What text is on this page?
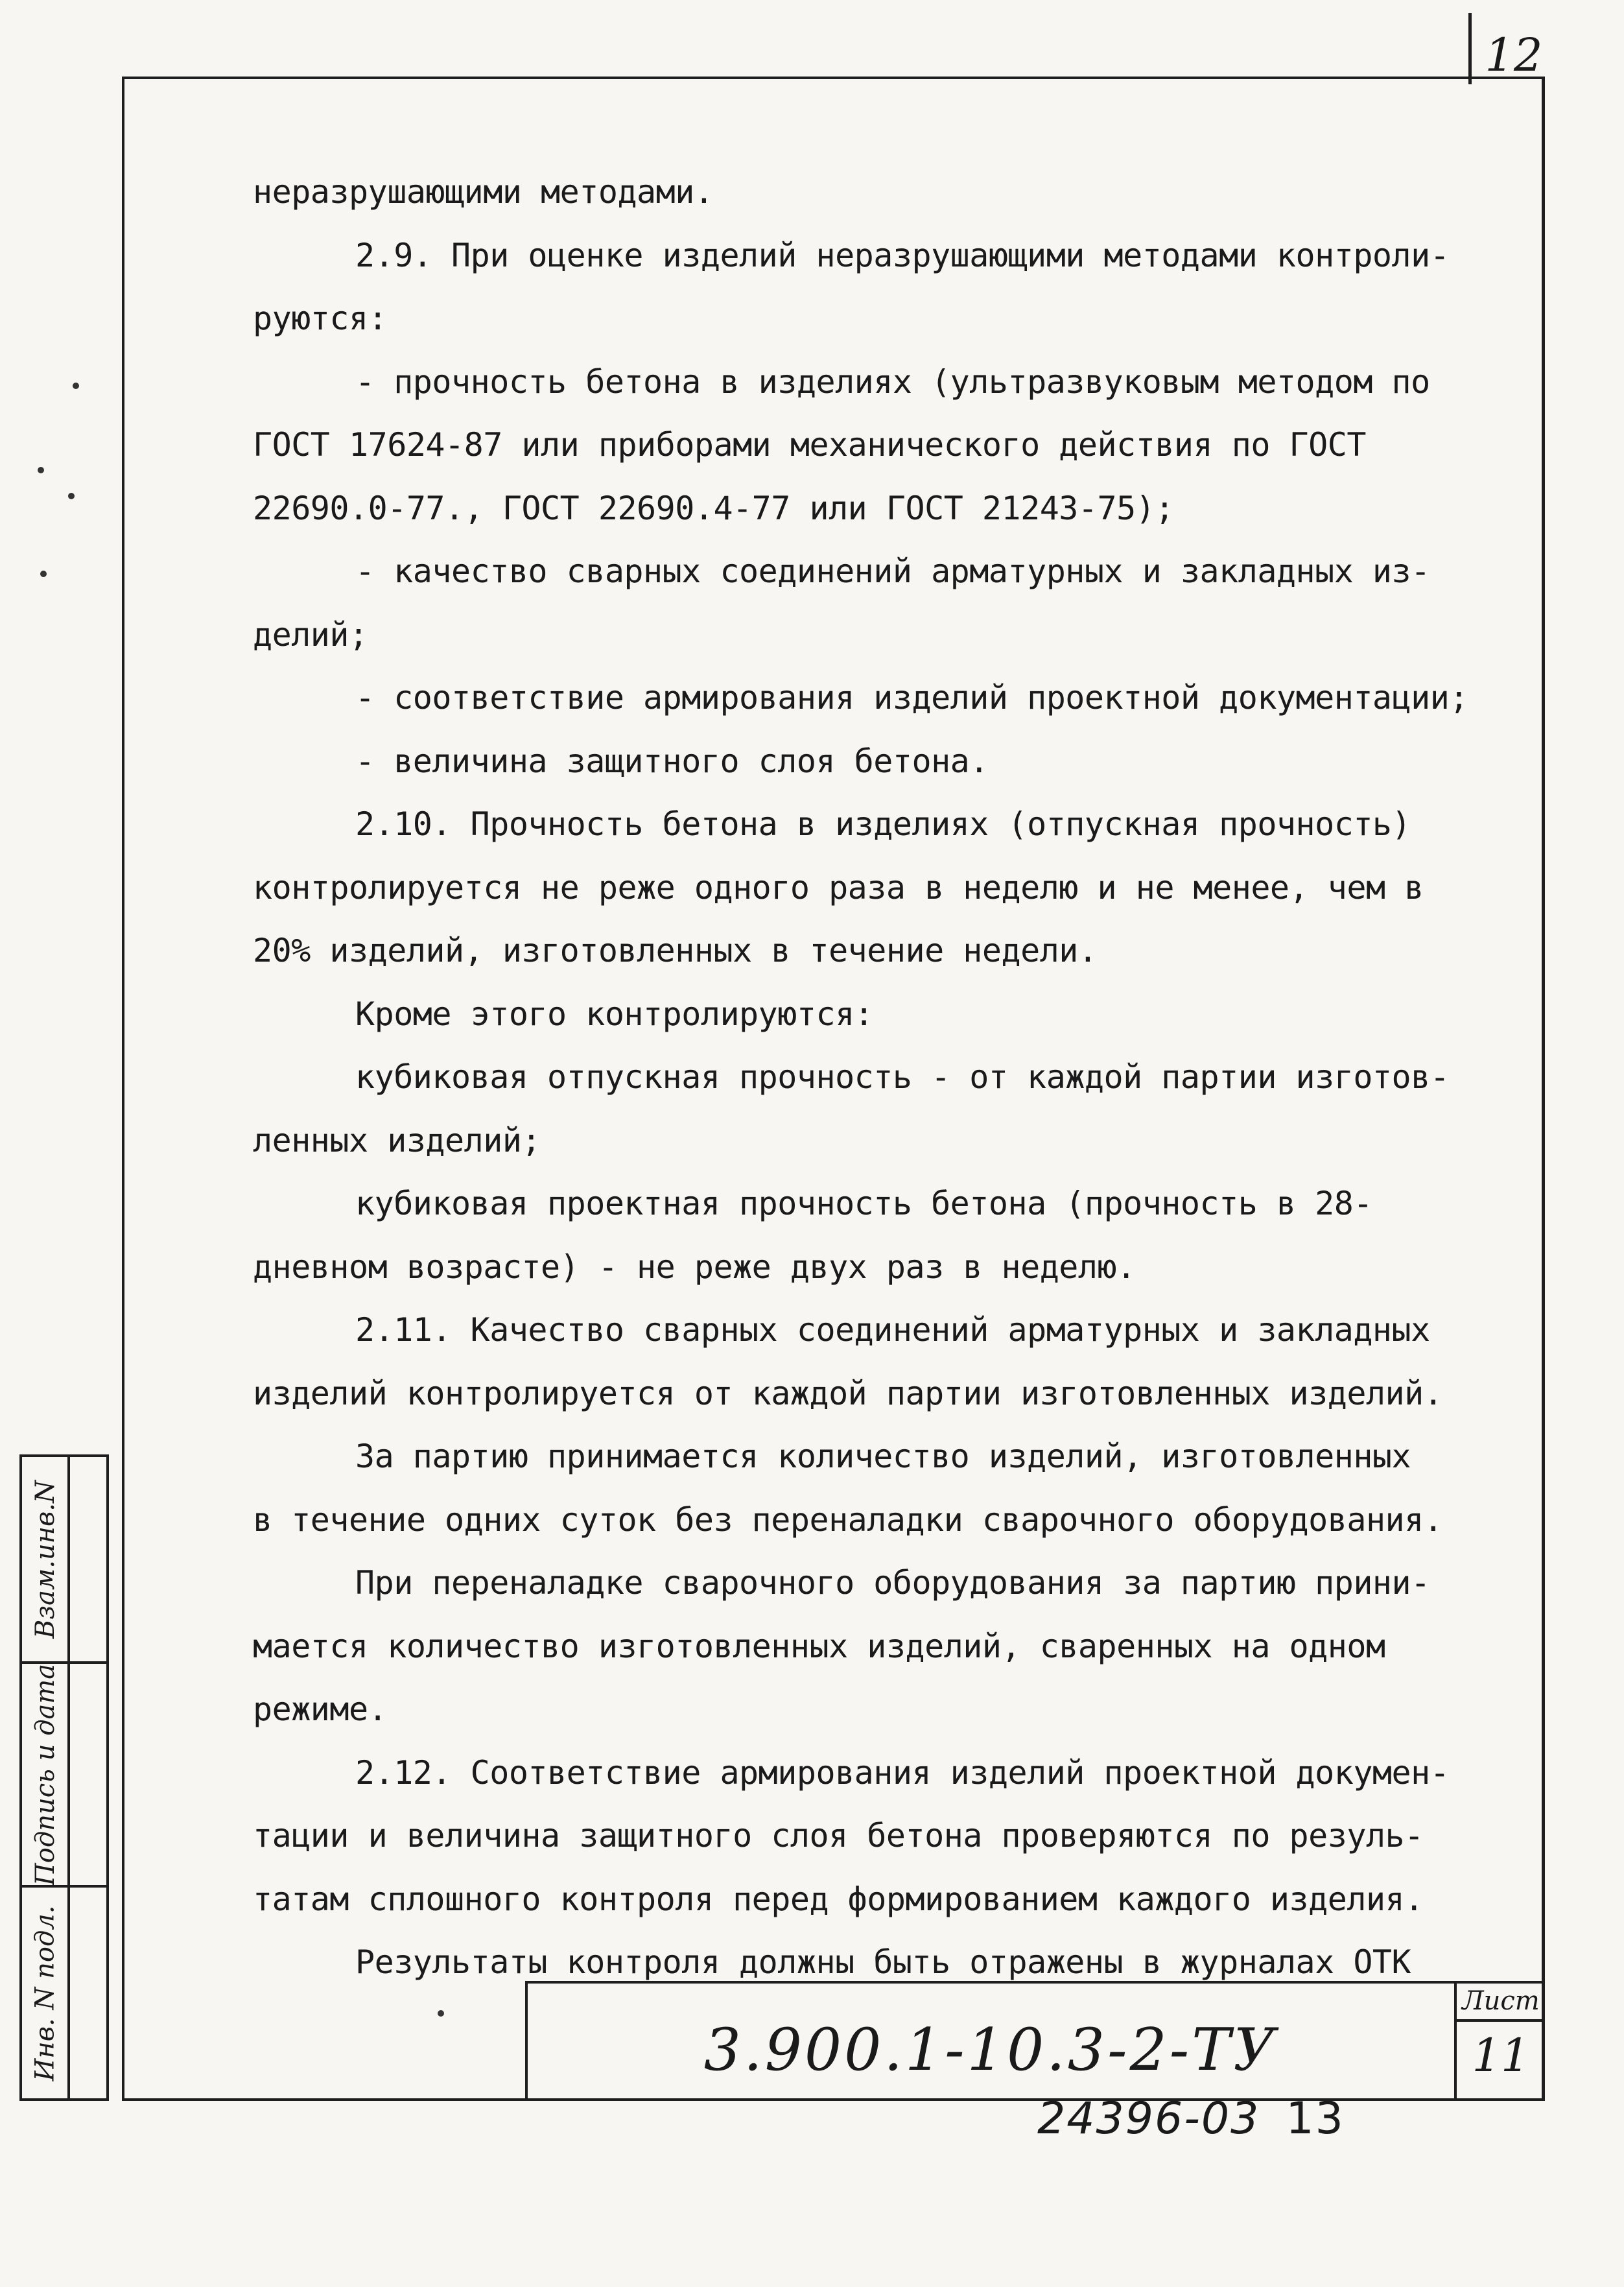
12

неразрушающими методами.

2.9. При оценке изделий неразрушающими методами контроли-

руются:

- прочность бетона в изделиях (ультразвуковым методом по

ГОСТ 17624-87 или приборами механического действия по ГОСТ

22690.0-77., ГОСТ 22690.4-77 или ГОСТ 21243-75);

- качество сварных соединений арматурных и закладных из-

делий;

- соответствие армирования изделий проектной документации;

- величина защитного слоя бетона.

2.10. Прочность бетона в изделиях (отпускная прочность)

контролируется не реже одного раза в неделю и не менее, чем в

20% изделий, изготовленных в течение недели.

Кроме этого контролируются:

кубиковая отпускная прочность - от каждой партии изготов-

ленных изделий;

кубиковая проектная прочность бетона (прочность в 28-

дневном возрасте) - не реже двух раз в неделю.

2.11. Качество сварных соединений арматурных и закладных

изделий контролируется от каждой партии изготовленных изделий.

За партию принимается количество изделий, изготовленных

в течение одних суток без переналадки сварочного оборудования.

При переналадке сварочного оборудования за партию прини-

мается количество изготовленных изделий, сваренных на одном

режиме.

2.12. Соответствие армирования изделий проектной докумен-

тации и величина защитного слоя бетона проверяются по резуль-

татам сплошного контроля перед формированием каждого изделия.

Результаты контроля должны быть отражены в журналах ОТК

Взам.инв.N
Подпись и дата
Инв. N подл.	3.900.1-10.3-2-ТУ
Лист
11
24396-03 13
